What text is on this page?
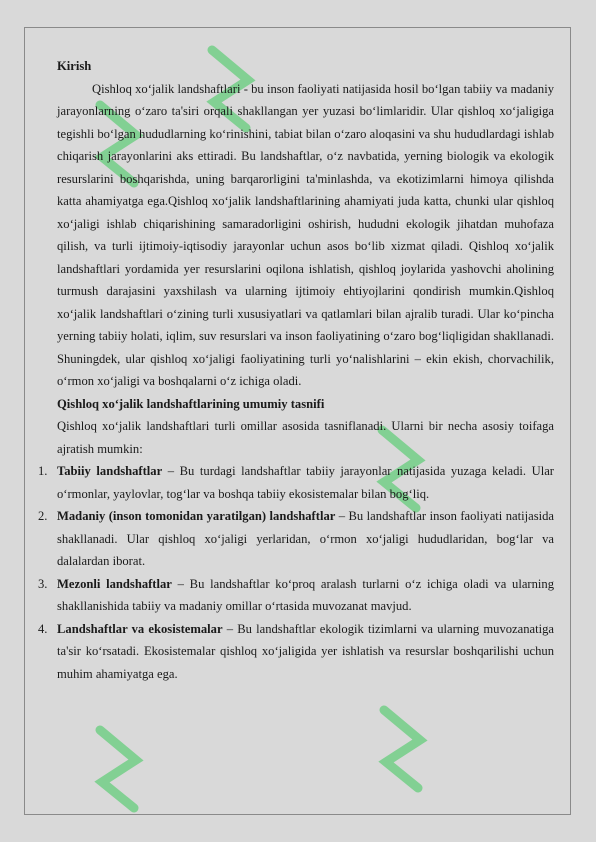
Kirish

Qishloq xo‘jalik landshaftlari - bu inson faoliyati natijasida hosil bo‘lgan tabiiy va madaniy jarayonlarning o‘zaro ta'siri orqali shakllangan yer yuzasi bo‘limlaridir. Ular qishloq xo‘jaligiga tegishli bo‘lgan hududlarning ko‘rinishini, tabiat bilan o‘zaro aloqasini va shu hududlardagi ishlab chiqarish jarayonlarini aks ettiradi. Bu landshaftlar, o‘z navbatida, yerning biologik va ekologik resurslarini boshqarishda, uning barqarorligini ta'minlashda, va ekotizimlarni himoya qilishda katta ahamiyatga ega.Qishloq xo‘jalik landshaftlarining ahamiyati juda katta, chunki ular qishloq xo‘jaligi ishlab chiqarishining samaradorligini oshirish, hududni ekologik jihatdan muhofaza qilish, va turli ijtimoiy-iqtisodiy jarayonlar uchun asos bo‘lib xizmat qiladi. Qishloq xo‘jalik landshaftlari yordamida yer resurslarini oqilona ishlatish, qishloq joylarida yashovchi aholining turmush darajasini yaxshilash va ularning ijtimoiy ehtiyojlarini qondirish mumkin.Qishloq xo‘jalik landshaftlari o‘zining turli xususiyatlari va qatlamlari bilan ajralib turadi. Ular ko‘pincha yerning tabiiy holati, iqlim, suv resurslari va inson faoliyatining o‘zaro bog‘liqligidan shakllanadi. Shuningdek, ular qishloq xo‘jaligi faoliyatining turli yo‘nalishlarini – ekin ekish, chorvachilik, o‘rmon xo‘jaligi va boshqalarni o‘z ichiga oladi.

Qishloq xo‘jalik landshaftlarining umumiy tasnifi

Qishloq xo‘jalik landshaftlari turli omillar asosida tasniflanadi. Ularni bir necha asosiy toifaga ajratish mumkin:

1. Tabiiy landshaftlar – Bu turdagi landshaftlar tabiiy jarayonlar natijasida yuzaga keladi. Ular o‘rmonlar, yaylovlar, tog‘lar va boshqa tabiiy ekosistemalar bilan bog‘liq.
2. Madaniy (inson tomonidan yaratilgan) landshaftlar – Bu landshaftlar inson faoliyati natijasida shakllanadi. Ular qishloq xo‘jaligi yerlaridan, o‘rmon xo‘jaligi hududlaridan, bog‘lar va dalalardan iborat.
3. Mezonli landshaftlar – Bu landshaftlar ko‘proq aralash turlarni o‘z ichiga oladi va ularning shakllanishida tabiiy va madaniy omillar o‘rtasida muvozanat mavjud.
4. Landshaftlar va ekosistemalar – Bu landshaftlar ekologik tizimlarni va ularning muvozanatiga ta'sir ko‘rsatadi. Ekosistemalar qishloq xo‘jaligida yer ishlatish va resurslar boshqarilishi uchun muhim ahamiyatga ega.
